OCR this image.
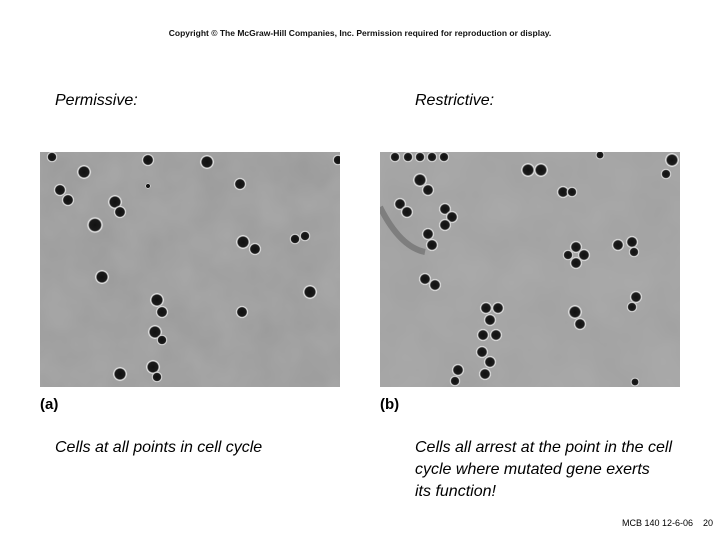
Copyright © The McGraw-Hill Companies, Inc. Permission required for reproduction or display.
Permissive:	Restrictive:
(a)	(b)
Cells at all points in cell cycle	Cells all arrest at the point in the cell
cycle where mutated gene exerts
its function!
MCB 140 12-6-06 20
